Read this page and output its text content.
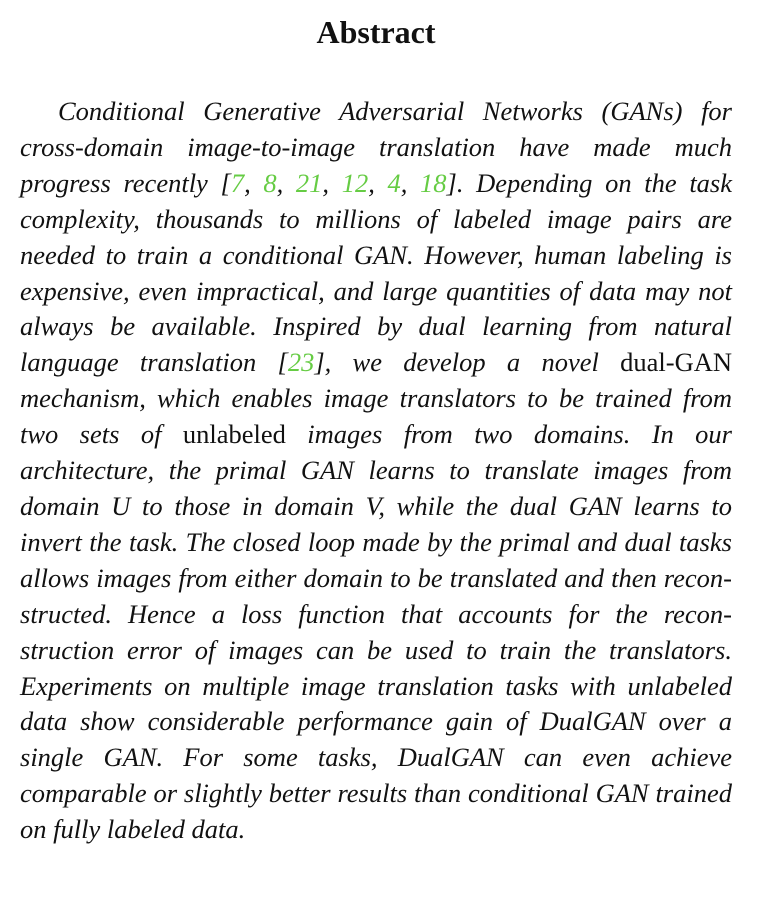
Abstract

Conditional Generative Adversarial Networks (GANs) for cross-domain image-to-image translation have made much progress recently [7, 8, 21, 12, 4, 18]. Depending on the task complexity, thousands to millions of labeled image pairs are needed to train a conditional GAN. However, human labeling is expensive, even impractical, and large quantities of data may not always be available. Inspired by dual learning from natural language translation [23], we develop a novel dual-GAN mechanism, which enables image translators to be trained from two sets of unlabeled images from two domains. In our architecture, the primal GAN learns to translate images from domain U to those in domain V, while the dual GAN learns to invert the task. The closed loop made by the primal and dual tasks allows images from either domain to be translated and then reconstructed. Hence a loss function that accounts for the reconstruction error of images can be used to train the translators. Experiments on multiple image translation tasks with unlabeled data show considerable performance gain of DualGAN over a single GAN. For some tasks, DualGAN can even achieve comparable or slightly better results than conditional GAN trained on fully labeled data.
